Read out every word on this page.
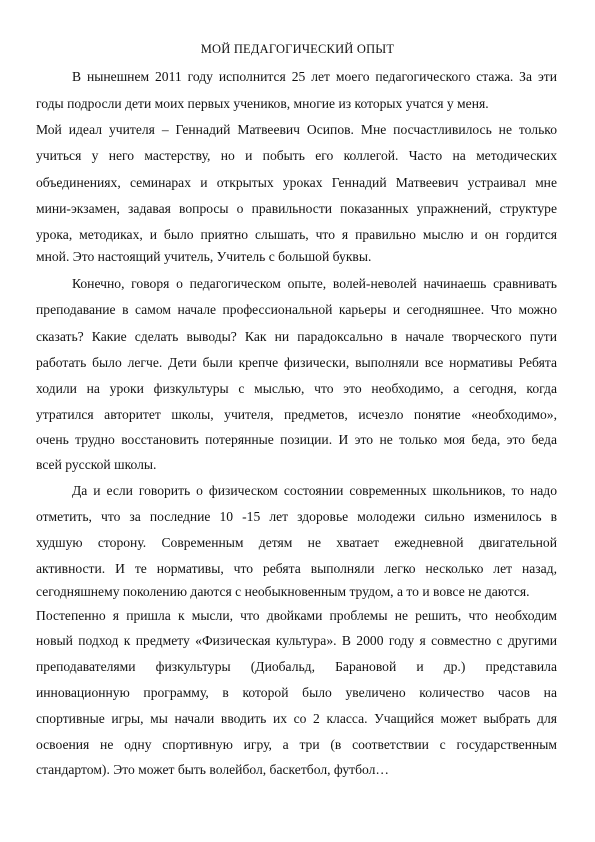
МОЙ ПЕДАГОГИЧЕСКИЙ ОПЫТ
В нынешнем 2011 году исполнится 25 лет моего педагогического стажа. За эти
годы подросли дети моих первых учеников, многие из которых учатся у меня.
Мой идеал учителя – Геннадий Матвеевич Осипов. Мне посчастливилось не только
учиться у него мастерству, но и побыть его коллегой. Часто на методических
объединениях, семинарах и открытых уроках Геннадий Матвеевич устраивал мне
мини-экзамен, задавая вопросы о правильности показанных упражнений, структуре
урока, методиках, и было приятно слышать, что я правильно мыслю и он гордится
мной. Это настоящий учитель, Учитель с большой буквы.
Конечно, говоря о педагогическом опыте, волей-неволей начинаешь сравнивать
преподавание в самом начале профессиональной карьеры и сегодняшнее. Что можно
сказать? Какие сделать выводы? Как ни парадоксально в начале творческого пути
работать было легче. Дети были крепче физически, выполняли все нормативы Ребята
ходили на уроки физкультуры с мыслью, что это необходимо, а сегодня, когда
утратился авторитет школы, учителя, предметов, исчезло понятие «необходимо»,
очень трудно восстановить потерянные позиции. И это не только моя беда, это беда
всей русской школы.
Да и если говорить о физическом состоянии современных школьников, то надо
отметить, что за последние 10 -15 лет здоровье молодежи сильно изменилось в
худшую сторону. Современным детям не хватает ежедневной двигательной
активности. И те нормативы, что ребята выполняли легко несколько лет назад,
сегодняшнему поколению даются с необыкновенным трудом, а то и вовсе не даются.
Постепенно я пришла к мысли, что двойками проблемы не решить, что необходим
новый подход к предмету «Физическая культура». В 2000 году я совместно с другими
преподавателями физкультуры (Диобальд, Барановой и др.) представила
инновационную программу, в которой было увеличено количество часов на
спортивные игры, мы начали вводить их со 2 класса. Учащийся может выбрать для
освоения не одну спортивную игру, а три (в соответствии с государственным
стандартом). Это может быть волейбол, баскетбол, футбол…
